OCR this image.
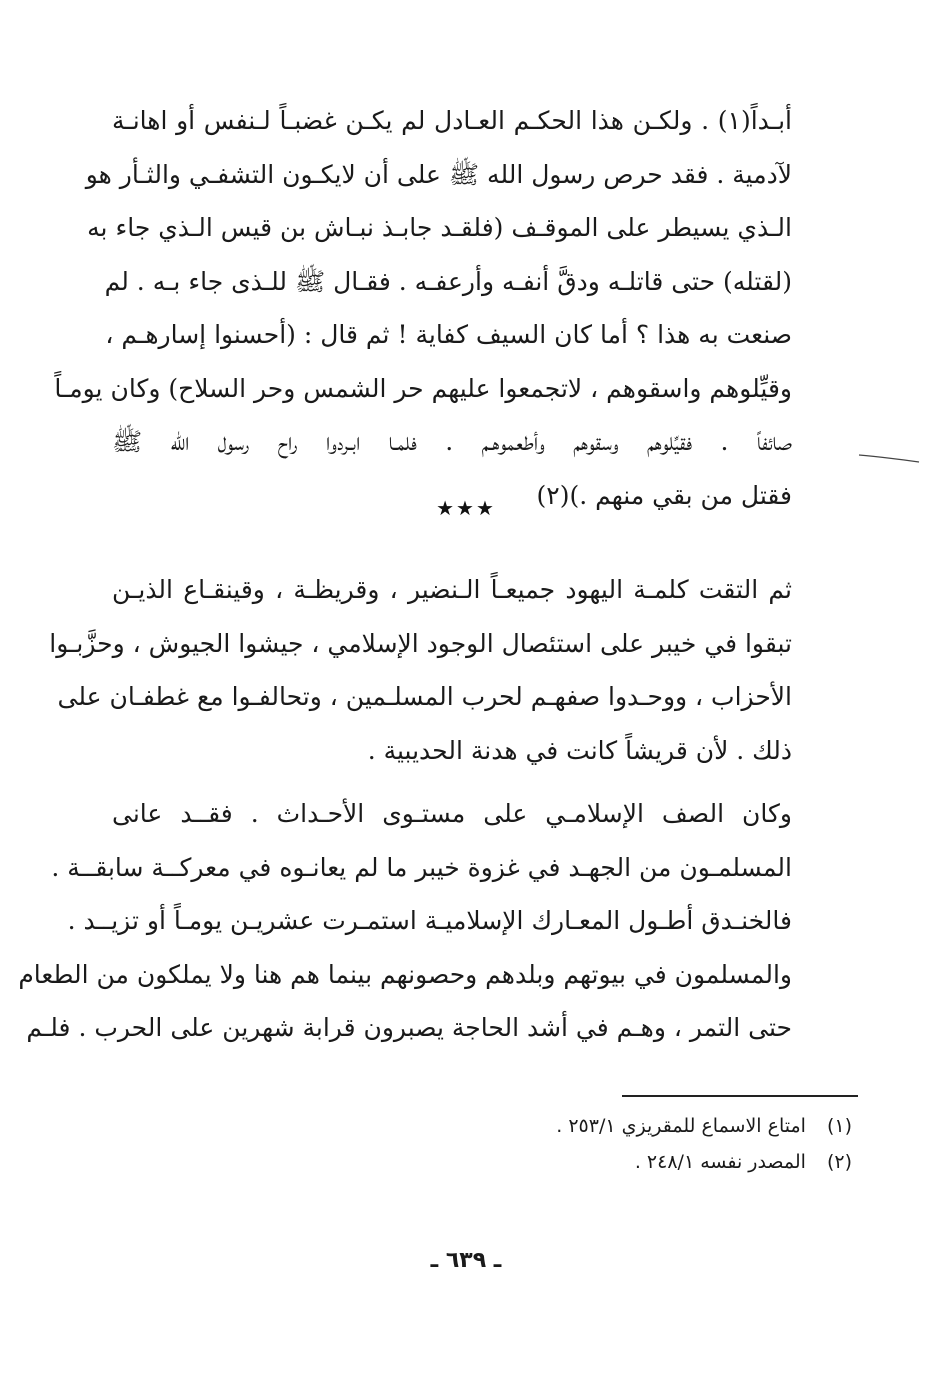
أبـداً(١) . ولكـن هذا الحكـم العـادل لم يكـن غضبـاً لـنفس أو اهانـة
لآدمية . فقد حرص رسول الله ﷺ على أن لايكـون التشفـي والثـأر هو
الـذي يسيطر على الموقـف (فلقـد جابـذ نبـاش بن قيس الـذي جاء به
(لقتله) حتى قاتلـه ودقَّ أنفـه وأرعفـه . فقـال ﷺ للـذى جاء بـه . لم
صنعت به هذا ؟ أما كان السيف كفاية ! ثم قال : (أحسنوا إسارهـم ،
وقيِّلوهم واسقوهم ، لاتجمعوا عليهم حر الشمس وحر السلاح) وكان يومـاً
صائفاً . فقيِّلوهم وسقوهم وأطعموهـم . فلمـا ابـردوا راح رسول الله ﷺ
فقتل من بقي منهم .)(٢)
★★★
ثم التقت كلمـة اليهود جميعـاً الـنضير ، وقريظـة ، وقينقـاع الذيـن
تبقوا في خيبر على استئصال الوجود الإسلامي ، جيشوا الجيوش ، وحزَّبـوا
الأحزاب ، ووحـدوا صفهـم لحرب المسلـمين ، وتحالفـوا مع غطفـان على
ذلك . لأن قريشاً كانت في هدنة الحديبية .
وكان الصف الإسلامـي على مستـوى الأحـداث . فقــد عانى
المسلمـون من الجهـد في غزوة خيبر ما لم يعانـوه في معركــة سابقــة .
فالخنـدق أطـول المعـارك الإسلاميـة استمـرت عشريـن يومـاً أو تزيــد .
والمسلمون في بيوتهم وبلدهم وحصونهم بينما هم هنا ولا يملكون من الطعام
حتى التمر ، وهـم في أشد الحاجة يصبرون قرابة شهرين على الحرب . فلـم
(١) امتاع الاسماع للمقريزي ٢٥٣/١ .
(٢) المصدر نفسه ٢٤٨/١ .
ـ ٦٣٩ ـ
